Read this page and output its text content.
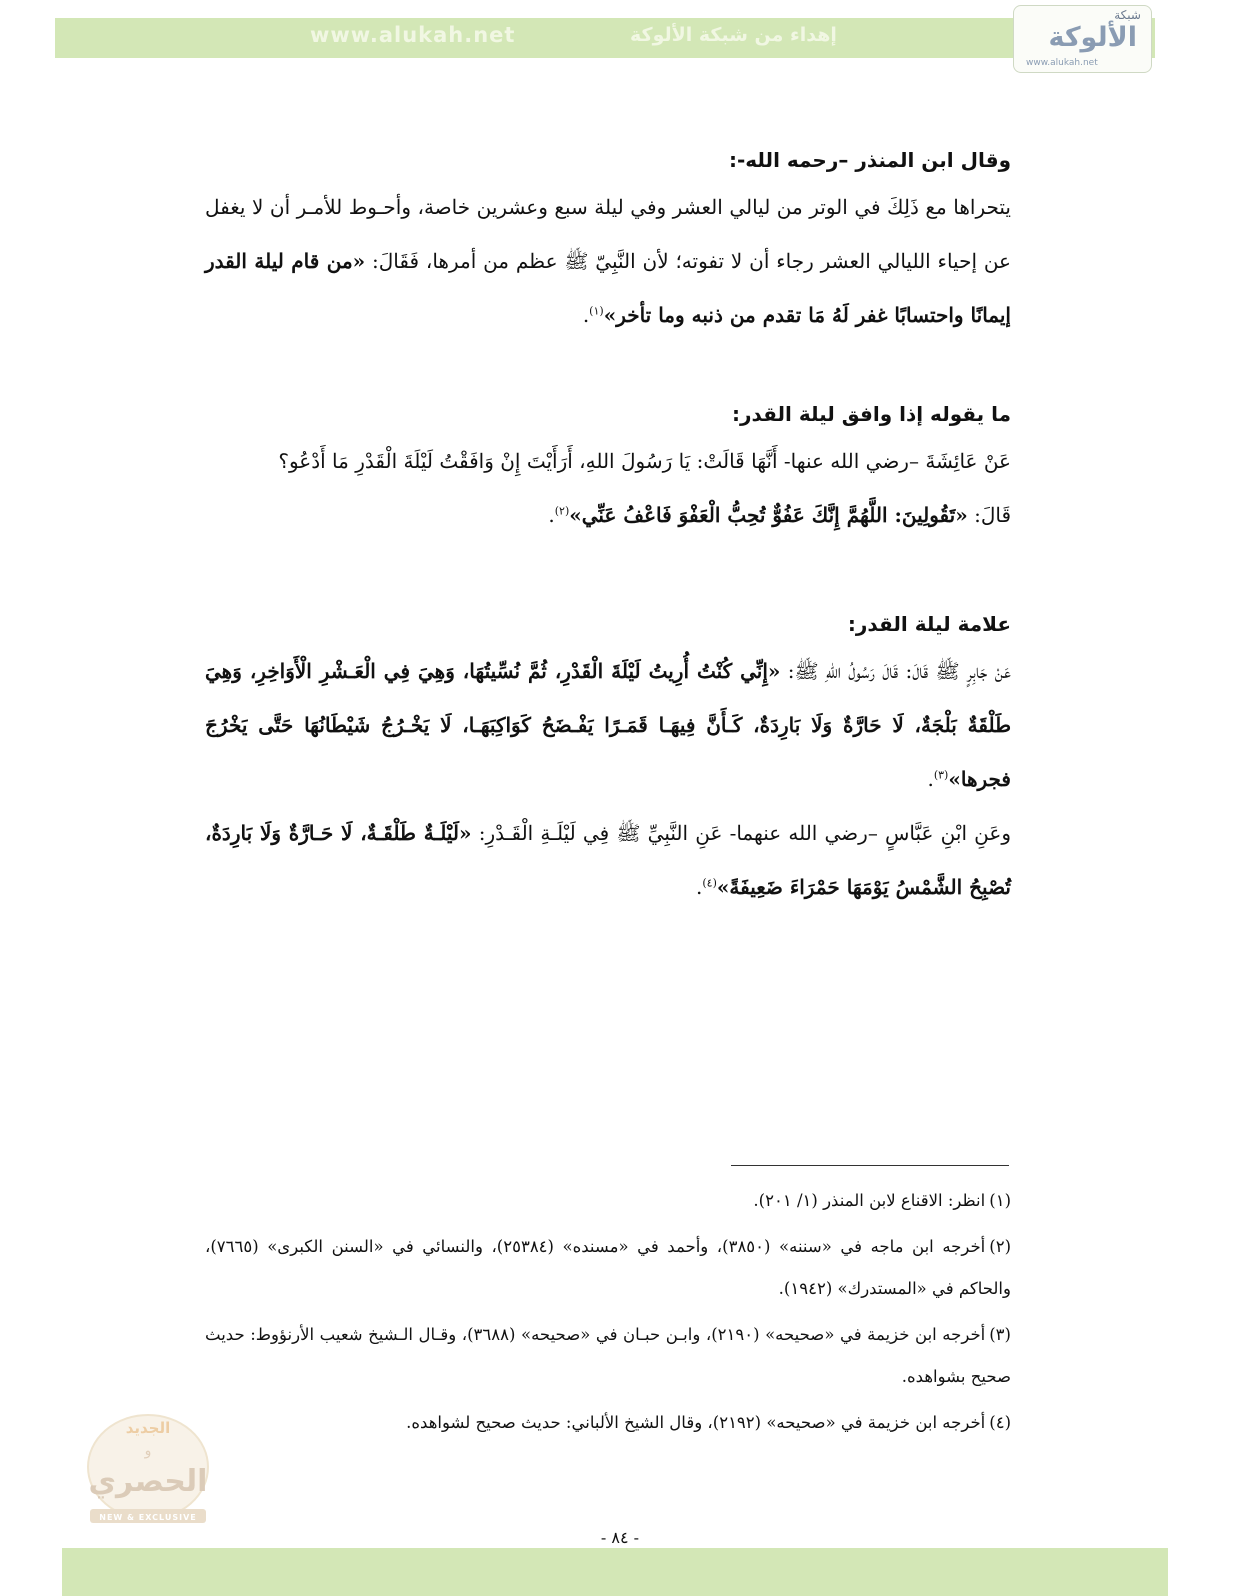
www.alukah.net	إهداء من شبكة الألوكة
شبكة
الألوكة
www.alukah.net

وقال ابن المنذر –رحمه الله-:

يتحراها مع ذَلِكَ في الوتر من ليالي العشر وفي ليلة سبع وعشرين خاصة، وأحـوط للأمـر أن لا يغفل عن إحياء الليالي العشر رجاء أن لا تفوته؛ لأن النَّبِيّ ﷺ عظم من أمرها، فَقَالَ: «من قام ليلة القدر إيمانًا واحتسابًا غفر لَهُ مَا تقدم من ذنبه وما تأخر»$^{(١)}$.

ما يقوله إذا وافق ليلة القدر:

عَنْ عَائِشَةَ –رضي الله عنها- أَنَّهَا قَالَتْ: يَا رَسُولَ اللهِ، أَرَأَيْتَ إِنْ وَافَقْتُ لَيْلَةَ الْقَدْرِ مَا أَدْعُو؟

قَالَ: «تَقُولِينَ: اللَّهُمَّ إِنَّكَ عَفُوٌّ تُحِبُّ الْعَفْوَ فَاعْفُ عَنِّي»$^{(٢)}$.

علامة ليلة القدر:

عَنْ جَابِرٍ ﷺ قَالَ: قَالَ رَسُولُ اللهِ ﷺ: «إِنِّي كُنْتُ أُرِيتُ لَيْلَةَ الْقَدْرِ، ثُمَّ نُسِّيتُهَا، وَهِيَ فِي الْعَـشْرِ الْأَوَاخِرِ، وَهِيَ طَلْقَةٌ بَلْجَةٌ، لَا حَارَّةٌ وَلَا بَارِدَةٌ، كَـأَنَّ فِيهَـا قَمَـرًا يَفْـضَحُ كَوَاكِبَهَـا، لَا يَخْـرُجُ شَيْطَانُهَا حَتَّى يَخْرُجَ فجرها»$^{(٣)}$.

وعَنِ ابْنِ عَبَّاسٍ –رضي الله عنهما- عَنِ النَّبِيِّ ﷺ فِي لَيْلَـةِ الْقَـدْرِ: «لَيْلَـةٌ طَلْقَـةٌ، لَا حَـارَّةٌ وَلَا بَارِدَةٌ، تُصْبِحُ الشَّمْسُ يَوْمَهَا حَمْرَاءَ ضَعِيفَةً»$^{(٤)}$.

(١)انظر: الاقناع لابن المنذر (١/ ٢٠١).

(٢)أخرجه ابن ماجه في «سننه» (٣٨٥٠)، وأحمد في «مسنده» (٢٥٣٨٤)، والنسائي في «السنن الكبرى» (٧٦٦٥)، والحاكم في «المستدرك» (١٩٤٢).

(٣)أخرجه ابن خزيمة في «صحيحه» (٢١٩٠)، وابـن حبـان في «صحيحه» (٣٦٨٨)، وقـال الـشيخ شعيب الأرنؤوط: حديث صحيح بشواهده.

(٤)أخرجه ابن خزيمة في «صحيحه» (٢١٩٢)، وقال الشيخ الألباني: حديث صحيح لشواهده.

الجديد
و
الحصري
NEW & EXCLUSIVE
- ٨٤ -
